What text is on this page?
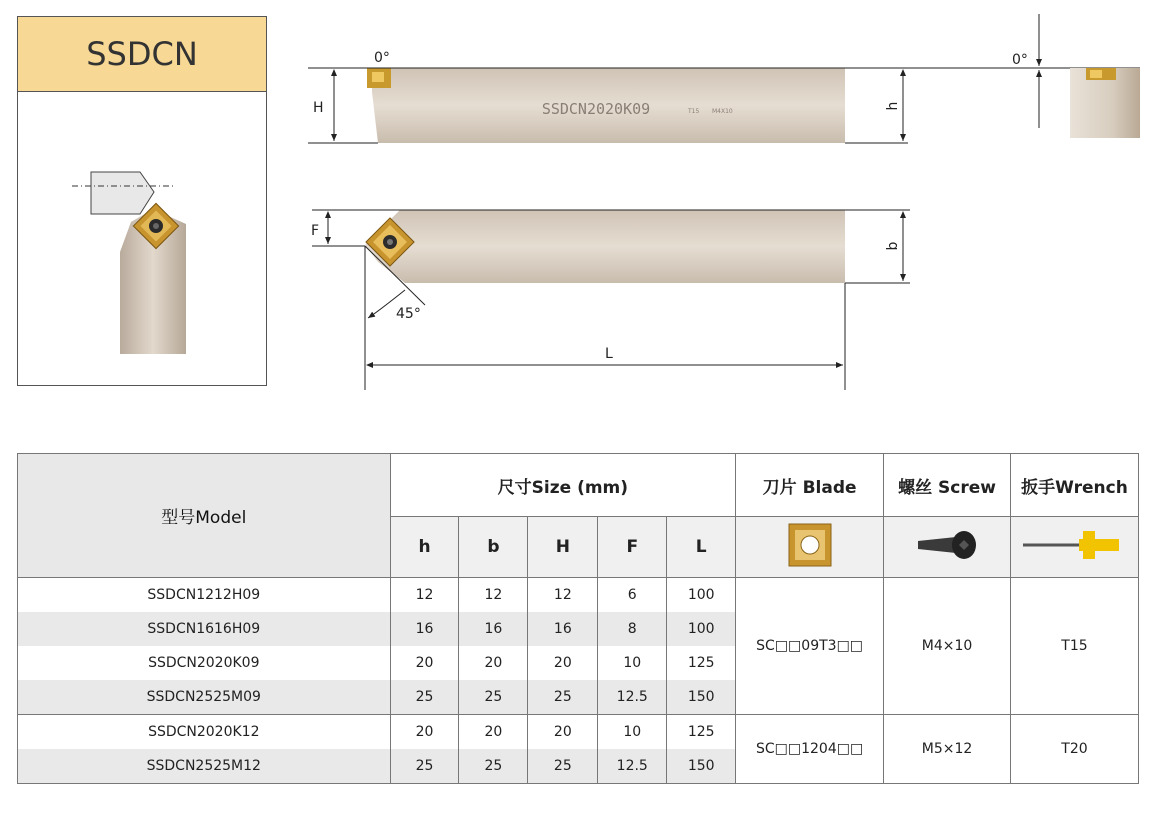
SSDCN
SSDCN2020K09	T15 M4X10
H
0°
h
0°
F
b
45°
L
型号Model	尺寸Size (mm)					刀片 Blade	螺丝 Screw	扳手Wrench
	h	b	H	F	L			
SSDCN1212H09	12	12	12	6	100	SC□□09T3□□	M4×10	T15
SSDCN1616H09	16	16	16	8	100			
SSDCN2020K09	20	20	20	10	125			
SSDCN2525M09	25	25	25	12.5	150			
SSDCN2020K12	20	20	20	10	125	SC□□1204□□	M5×12	T20
SSDCN2525M12	25	25	25	12.5	150			
